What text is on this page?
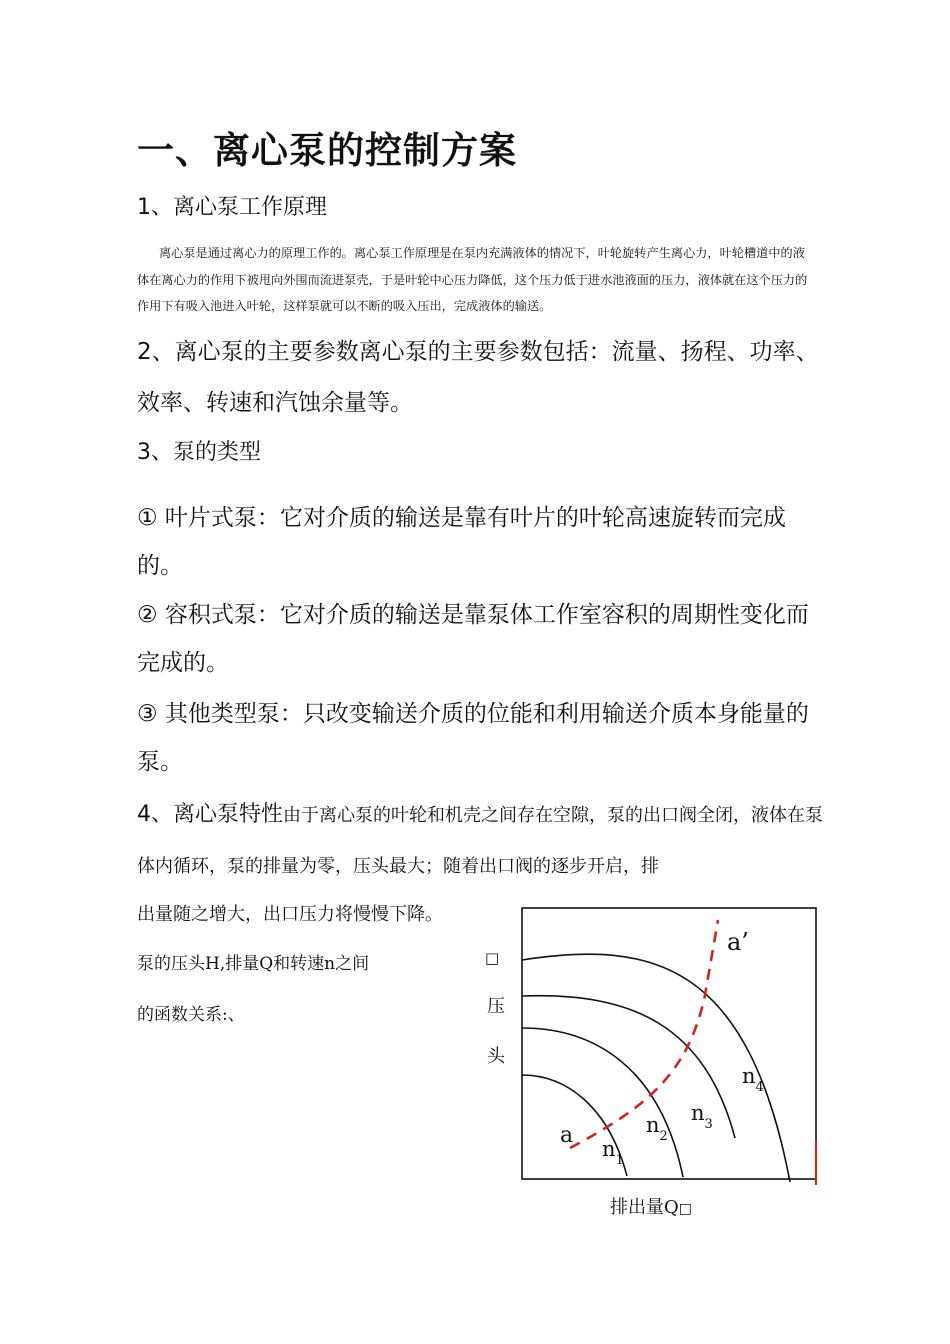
一、离心泵的控制方案
1、离心泵工作原理

离心泵是通过离心力的原理工作的。离心泵工作原理是在泵内充满液体的情况下，叶轮旋转产生离心力，叶轮槽道中的液体在离心力的作用下被甩向外围而流进泵壳，于是叶轮中心压力降低，这个压力低于进水池液面的压力，液体就在这个压力的作用下有吸入池进入叶轮，这样泵就可以不断的吸入压出，完成液体的输送。

2、离心泵的主要参数离心泵的主要参数包括：流量、扬程、功率、效率、转速和汽蚀余量等。

3、泵的类型

① 叶片式泵：它对介质的输送是靠有叶片的叶轮高速旋转而完成的。

② 容积式泵：它对介质的输送是靠泵体工作室容积的周期性变化而完成的。

③ 其他类型泵：只改变输送介质的位能和利用输送介质本身能量的泵。

4、离心泵特性由于离心泵的叶轮和机壳之间存在空隙，泵的出口阀全闭，液体在泵体内循环，泵的排量为零，压头最大；随着出口阀的逐步开启，排

出量随之增大，出口压力将慢慢下降。
泵的压头H,排量Q和转速n之间
的函数关系:、
□
压
头
a
a’
$n_1$
$n_2$
$n_3$
$n_4$
排出量Q□
